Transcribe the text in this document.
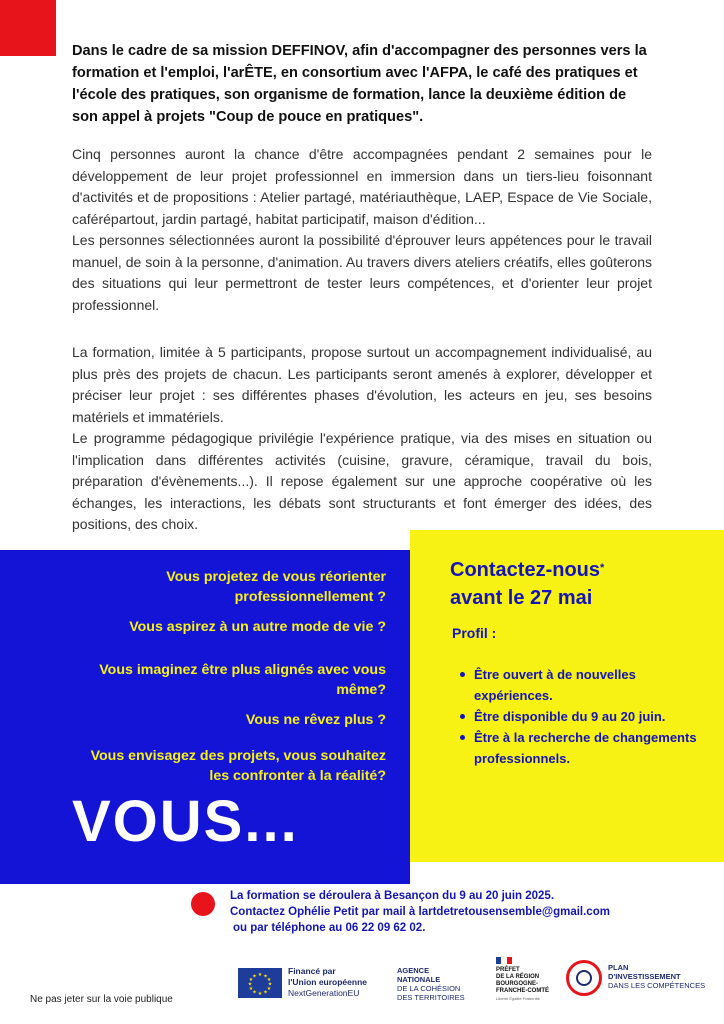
Dans le cadre de sa mission DEFFINOV, afin d'accompagner des personnes vers la formation et l'emploi, l'arÊTE, en consortium avec l'AFPA, le café des pratiques et l'école des pratiques, son organisme de formation, lance la deuxième édition de son appel à projets "Coup de pouce en pratiques".

Cinq personnes auront la chance d'être accompagnées pendant 2 semaines pour le développement de leur projet professionnel en immersion dans un tiers-lieu foisonnant d'activités et de propositions : Atelier partagé, matériauthèque, LAEP, Espace de Vie Sociale, caférépartout, jardin partagé, habitat participatif, maison d'édition...

Les personnes sélectionnées auront la possibilité d'éprouver leurs appétences pour le travail manuel, de soin à la personne, d'animation. Au travers divers ateliers créatifs, elles goûterons des situations qui leur permettront de tester leurs compétences, et d'orienter leur projet professionnel.

La formation, limitée à 5 participants, propose surtout un accompagnement individualisé, au plus près des projets de chacun. Les participants seront amenés à explorer, développer et préciser leur projet : ses différentes phases d'évolution, les acteurs en jeu, ses besoins matériels et immatériels.

Le programme pédagogique privilégie l'expérience pratique, via des mises en situation ou l'implication dans différentes activités (cuisine, gravure, céramique, travail du bois, préparation d'évènements...). Il repose également sur une approche coopérative où les échanges, les interactions, les débats sont structurants et font émerger des idées, des positions, des choix.

Contactez-nous*
avant le 27 mai
Profil :
Être ouvert à de nouvelles expériences.
Être disponible du 9 au 20 juin.
Être à la recherche de changements professionnels.
Vous projetez de vous réorienter professionnellement ?
Vous aspirez à un autre mode de vie ?
Vous imaginez être plus alignés avec vous même?
Vous ne rêvez plus ?
Vous envisagez des projets, vous souhaitez les confronter à la réalité?
VOUS...
La formation se déroulera à Besançon du 9 au 20 juin 2025.
Contactez Ophélie Petit par mail à lartdetretousensemble@gmail.com
ou par téléphone au 06 22 09 62 02.
Ne pas jeter sur la voie publique
★ ★
★
★
★
★
★
★
★
★
★
★
Financé par
l'Union européenne
NextGenerationEU
AGENCE
NATIONALE
DE LA COHÉSION
DES TERRITOIRES
PRÉFET
DE LA RÉGION
BOURGOGNE-
FRANCHE-COMTÉ
Liberté Égalité Fraternité
PLAN
D'INVESTISSEMENT
DANS LES COMPÉTENCES
